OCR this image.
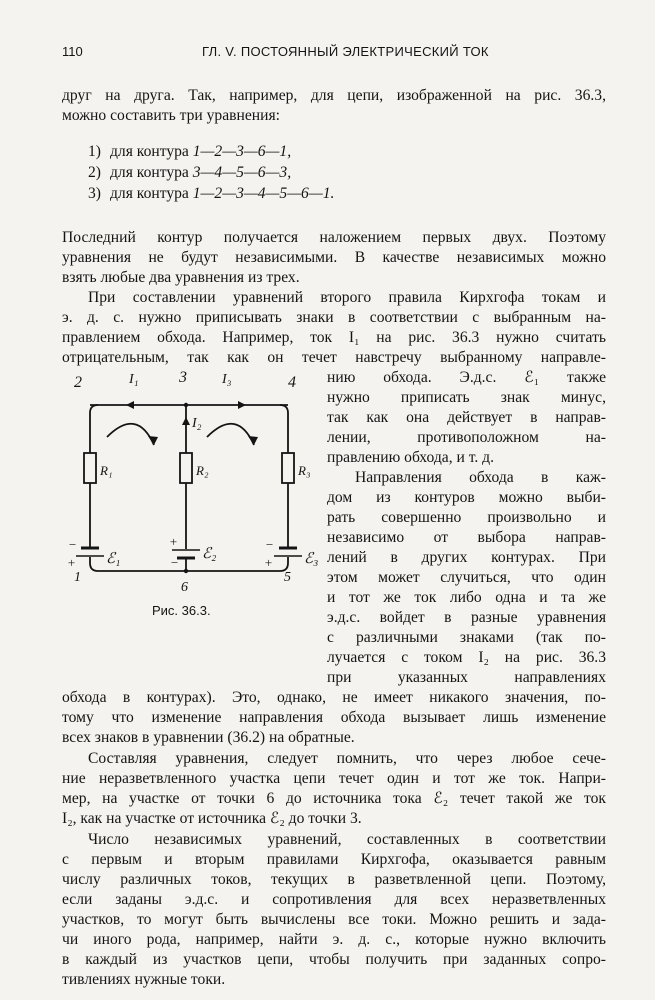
110	ГЛ. V. ПОСТОЯННЫЙ ЭЛЕКТРИЧЕСКИЙ ТОК
друг на друга. Так, например, для цепи, изображенной на рис. 36.3,
можно составить три уравнения:
1) для контура 1—2—3—6—1,
2) для контура 3—4—5—6—3,
3) для контура 1—2—3—4—5—6—1.
Последний контур получается наложением первых двух. Поэтому
уравнения не будут независимыми. В качестве независимых можно
взять любые два уравнения из трех.
При составлении уравнений второго правила Кирхгофа токам и
э. д. с. нужно приписывать знаки в соответствии с выбранным на-
правлением обхода. Например, ток I₁ на рис. 36.3 нужно считать
отрицательным, так как он течет навстречу выбранному направле-
нию обхода. Э.д.с. ℰ₁ также
нужно приписать знак минус,
так как она действует в направ-
лении, противоположном на-
правлению обхода, и т. д.
Направления обхода в каж-
дом из контуров можно выби-
рать совершенно произвольно и
независимо от выбора направ-
лений в других контурах. При
этом может случиться, что один
и тот же ток либо одна и та же
э.д.с. войдет в разные уравнения
с различными знаками (так по-
лучается с током I₂ на рис. 36.3
при указанных направлениях
2	3	4
1	5
6
I₁
I₂
I₃
R₁	R₂	R₃
ℰ₁	ℰ₂	ℰ₃
−
+
+
−
−
+
Рис. 36.3.
обхода в контурах). Это, однако, не имеет никакого значения, по-
тому что изменение направления обхода вызывает лишь изменение
всех знаков в уравнении (36.2) на обратные.
Составляя уравнения, следует помнить, что через любое сече-
ние неразветвленного участка цепи течет один и тот же ток. Напри-
мер, на участке от точки 6 до источника тока ℰ₂ течет такой же ток
I₂, как на участке от источника ℰ₂ до точки 3.
Число независимых уравнений, составленных в соответствии
с первым и вторым правилами Кирхгофа, оказывается равным
числу различных токов, текущих в разветвленной цепи. Поэтому,
если заданы э.д.с. и сопротивления для всех неразветвленных
участков, то могут быть вычислены все токи. Можно решить и зада-
чи иного рода, например, найти э. д. с., которые нужно включить
в каждый из участков цепи, чтобы получить при заданных сопро-
тивлениях нужные токи.
